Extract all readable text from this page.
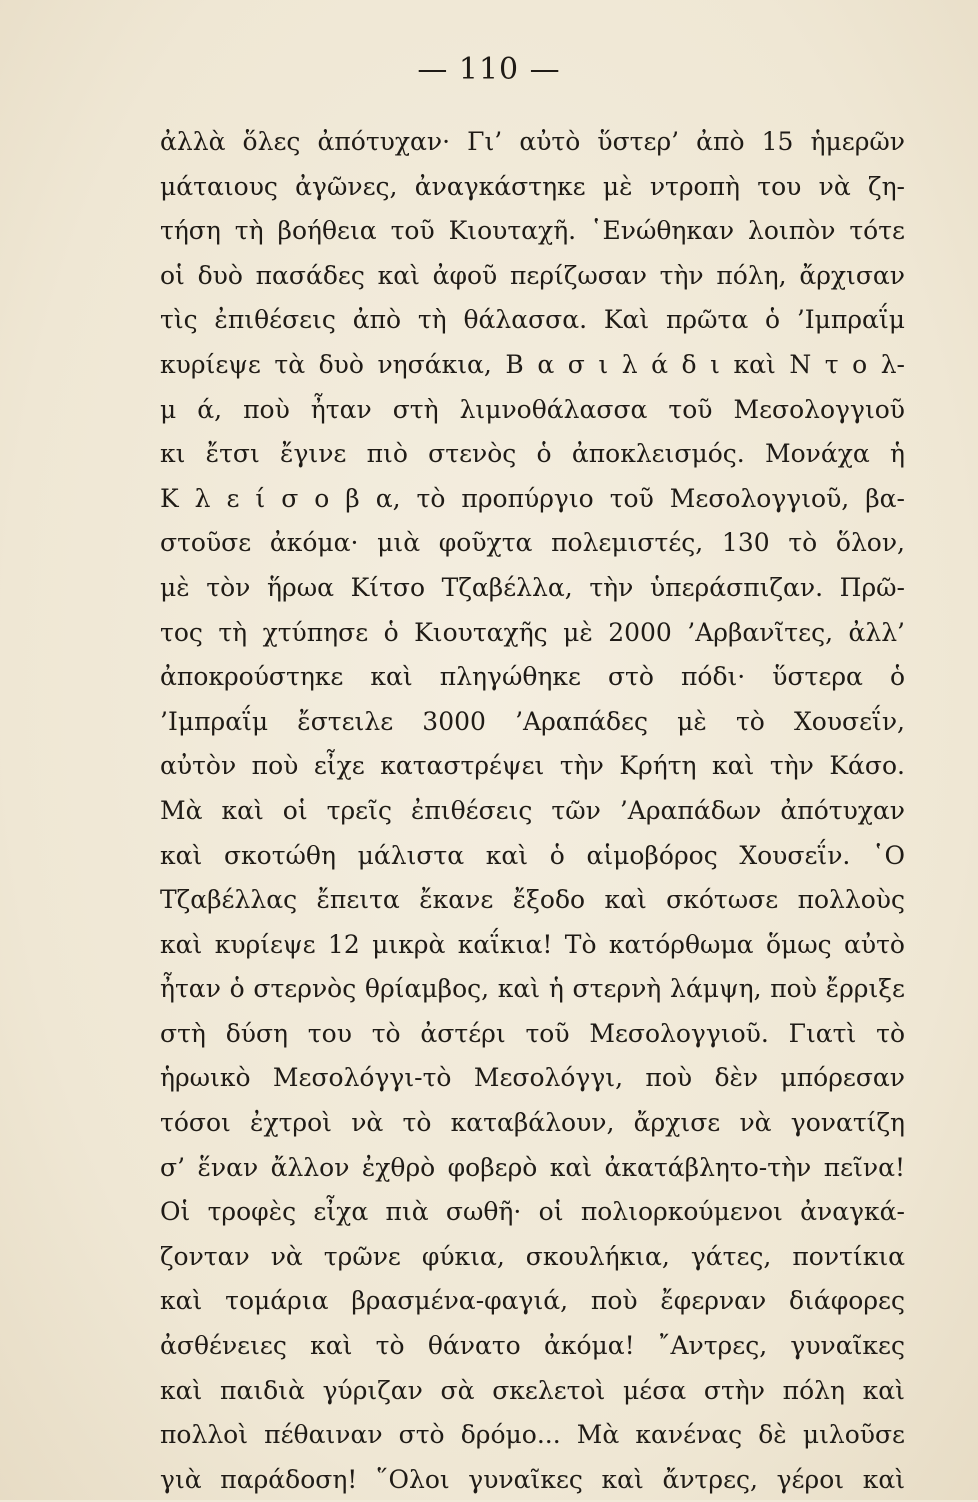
— 110 —
ἀλλὰ ὅλες ἀπότυχαν· Γι’ αὐτὸ ὕστερ’ ἀπὸ 15 ἡμερῶν
μάταιους ἀγῶνες, ἀναγκάστηκε μὲ ντροπὴ του νὰ ζη-
τήση τὴ βοήθεια τοῦ Κιουταχῆ. ῾Ενώθηκαν λοιπὸν τότε
οἱ δυὸ πασάδες καὶ ἀφοῦ περίζωσαν τὴν πόλη, ἄρχισαν
τὶς ἐπιθέσεις ἀπὸ τὴ θάλασσα. Καὶ πρῶτα ὁ ’Ιμπραΐμ
κυρίεψε τὰ δυὸ νησάκια, Β α σ ι λ ά δ ι καὶ Ν τ ο λ-
μ ά, ποὺ ἦταν στὴ λιμνοθάλασσα τοῦ Μεσολογγιοῦ
κι ἔτσι ἔγινε πιὸ στενὸς ὁ ἀποκλεισμός. Μονάχα ἡ
Κ λ ε ί σ ο β α, τὸ προπύργιο τοῦ Μεσολογγιοῦ, βα-
στοῦσε ἀκόμα· μιὰ φοῦχτα πολεμιστές, 130 τὸ ὅλον,
μὲ τὸν ἥρωα Κίτσο Τζαβέλλα, τὴν ὑπεράσπιζαν. Πρῶ-
τος τὴ χτύπησε ὁ Κιουταχῆς μὲ 2000 ’Αρβανῖτες, ἀλλ’
ἀποκρούστηκε καὶ πληγώθηκε στὸ πόδι· ὕστερα ὁ
’Ιμπραΐμ ἔστειλε 3000 ’Αραπάδες μὲ τὸ Χουσεΐν,
αὐτὸν ποὺ εἶχε καταστρέψει τὴν Κρήτη καὶ τὴν Κάσο.
Μὰ καὶ οἱ τρεῖς ἐπιθέσεις τῶν ’Αραπάδων ἀπότυχαν
καὶ σκοτώθη μάλιστα καὶ ὁ αἱμοβόρος Χουσεΐν. ῾Ο
Τζαβέλλας ἔπειτα ἔκανε ἔξοδο καὶ σκότωσε πολλοὺς
καὶ κυρίεψε 12 μικρὰ καΐκια! Τὸ κατόρθωμα ὅμως αὐτὸ
ἦταν ὁ στερνὸς θρίαμβος, καὶ ἡ στερνὴ λάμψη, ποὺ ἔρριξε
στὴ δύση του τὸ ἀστέρι τοῦ Μεσολογγιοῦ. Γιατὶ τὸ
ἡρωικὸ Μεσολόγγι-τὸ Μεσολόγγι, ποὺ δὲν μπόρεσαν
τόσοι ἐχτροὶ νὰ τὸ καταβάλουν, ἄρχισε νὰ γονατίζη
σ’ ἕναν ἄλλον ἐχθρὸ φοβερὸ καὶ ἀκατάβλητο-τὴν πεῖνα!
Οἱ τροφὲς εἶχα πιὰ σωθῆ· οἱ πολιορκούμενοι ἀναγκά-
ζονταν νὰ τρῶνε φύκια, σκουλήκια, γάτες, ποντίκια
καὶ τομάρια βρασμένα-φαγιά, ποὺ ἔφερναν διάφορες
ἀσθένειες καὶ τὸ θάνατο ἀκόμα! ῎Αντρες, γυναῖκες
καὶ παιδιὰ γύριζαν σὰ σκελετοὶ μέσα στὴν πόλη καὶ
πολλοὶ πέθαιναν στὸ δρόμο... Μὰ κανένας δὲ μιλοῦσε
γιὰ παράδοση! ῞Ολοι γυναῖκες καὶ ἄντρες, γέροι καὶ
